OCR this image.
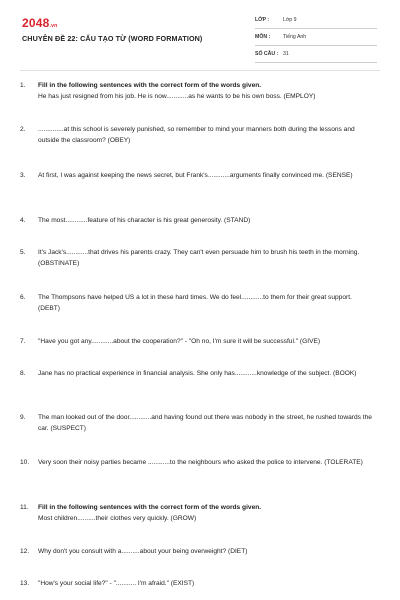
2048.vn
CHUYÊN ĐỀ 22: CẤU TẠO TỪ (WORD FORMATION)
LỚP :	Lớp 9
MÔN : Tiếng Anh
SỐ CÂU : 31
1.	Fill in the following sentences with the correct form of the words given.
He has just resigned from his job. He is now............as he wants to be his own boss. (EMPLOY)
2.	..............at this school is severely punished, so remember to mind your manners both during the lessons and outside the classroom? (OBEY)
3.	At first, I was against keeping the news secret, but Frank's............arguments finally convinced me. (SENSE)
4.	The most............feature of his character is his great generosity. (STAND)
5.	It's Jack's............that drives his parents crazy. They can't even persuade him to brush his teeth in the morning. (OBSTINATE)
6.	The Thompsons have helped US a lot in these hard times. We do feel............to them for their great support. (DEBT)
7.	"Have you got any............about the cooperation?" - "Oh no, I'm sure it will be successful." (GIVE)
8.	Jane has no practical experience in financial analysis. She only has............knowledge of the subject. (BOOK)
9.	The man looked out of the door............and having found out there was nobody in the street, he rushed towards the car. (SUSPECT)
10.	Very soon their noisy parties became ............to the neighbours who asked the police to intervene. (TOLERATE)
11.	Fill in the following sentences with the correct form of the words given.
Most children..........their clothes very quickly. (GROW)
12.	Why don't you consult with a..........about your being overweight? (DIET)
13.	"How's your social life?" - "........... I'm afraid." (EXIST)
